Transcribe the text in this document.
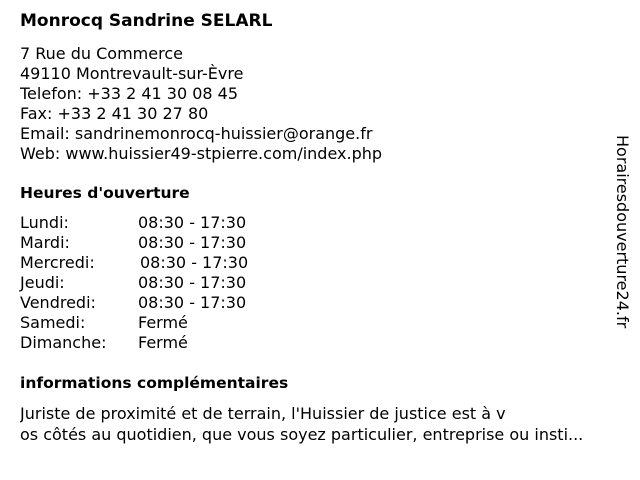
Monrocq Sandrine SELARL
7 Rue du Commerce
49110 Montrevault-sur-Èvre
Telefon: +33 2 41 30 08 45
Fax: +33 2 41 30 27 80
Email: sandrinemonrocq-huissier@orange.fr
Web: www.huissier49-stpierre.com/index.php
Heures d'ouverture
Lundi:	08:30 - 17:30
Mardi:	08:30 - 17:30
Mercredi:	08:30 - 17:30
Jeudi:	08:30 - 17:30
Vendredi:	08:30 - 17:30
Samedi:	Fermé
Dimanche: Fermé
informations complémentaires
Juriste de proximité et de terrain, l'Huissier de justice est à v
os côtés au quotidien, que vous soyez particulier, entreprise ou insti...
Horairesdouverture24.fr
